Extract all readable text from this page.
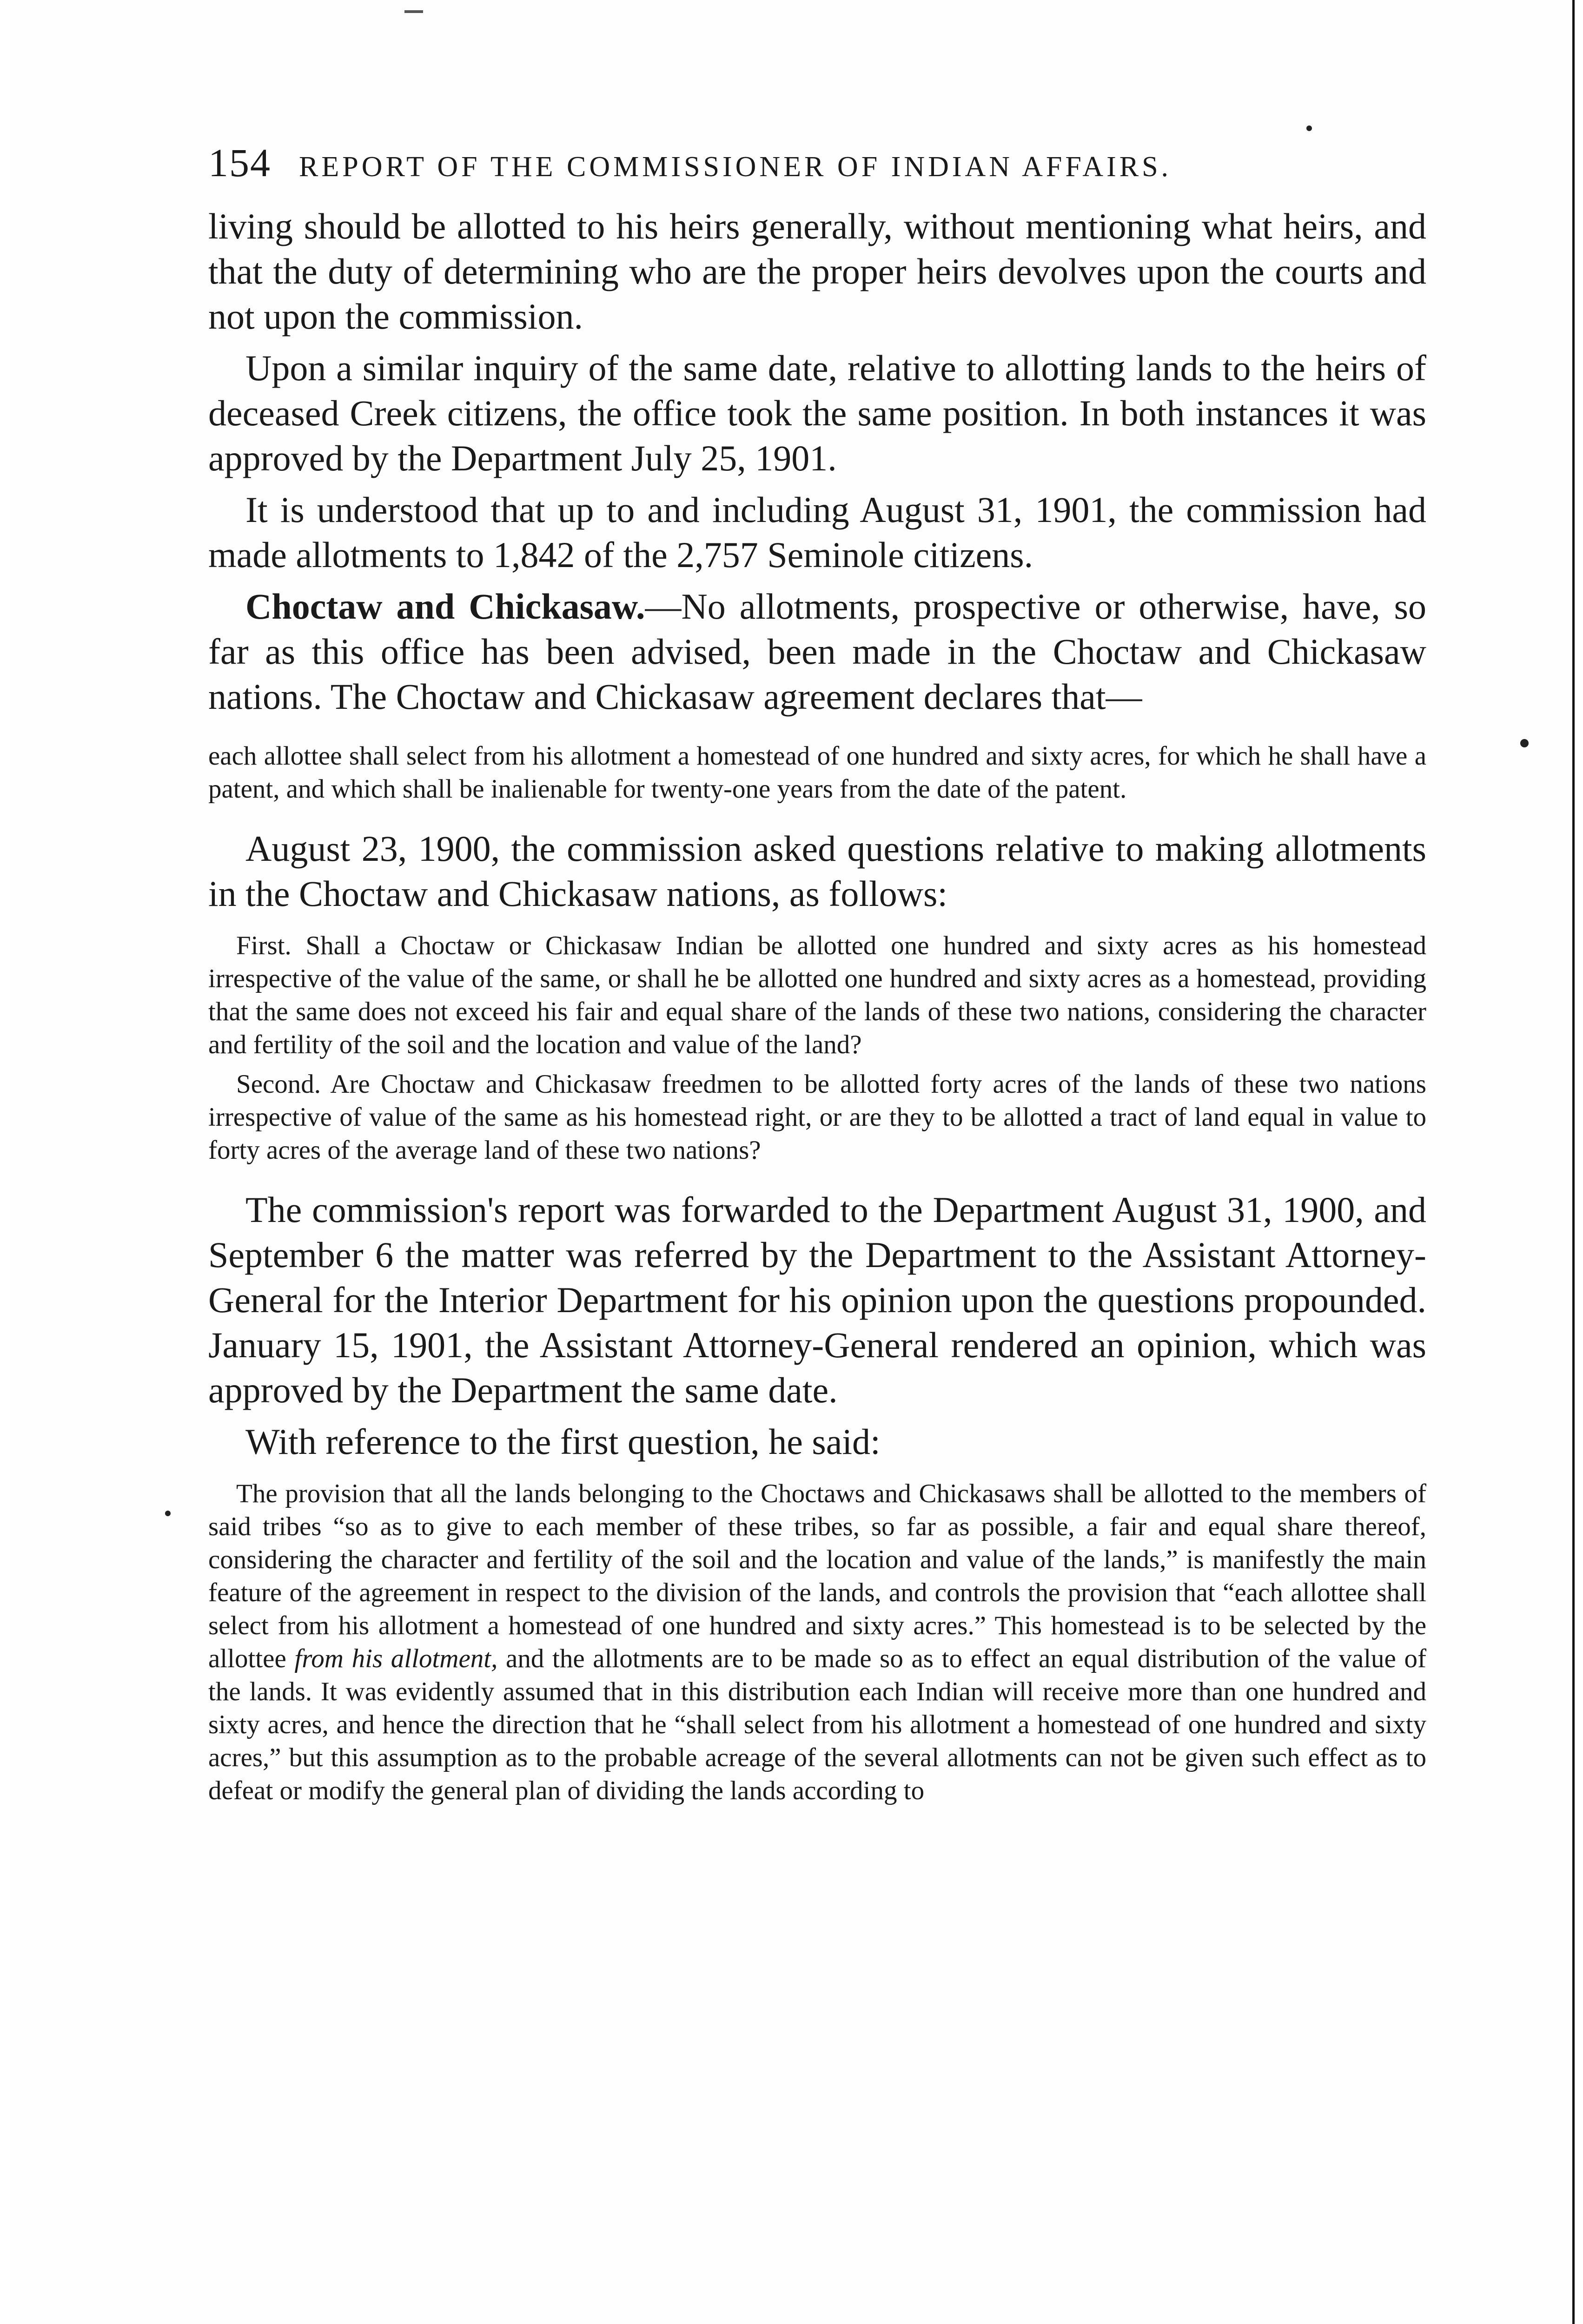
154 REPORT OF THE COMMISSIONER OF INDIAN AFFAIRS.

living should be allotted to his heirs generally, without mentioning what heirs, and that the duty of determining who are the proper heirs devolves upon the courts and not upon the commission.

Upon a similar inquiry of the same date, relative to allotting lands to the heirs of deceased Creek citizens, the office took the same position. In both instances it was approved by the Department July 25, 1901.

It is understood that up to and including August 31, 1901, the commission had made allotments to 1,842 of the 2,757 Seminole citizens.

Choctaw and Chickasaw.—No allotments, prospective or otherwise, have, so far as this office has been advised, been made in the Choctaw and Chickasaw nations. The Choctaw and Chickasaw agreement declares that—

each allottee shall select from his allotment a homestead of one hundred and sixty acres, for which he shall have a patent, and which shall be inalienable for twenty-one years from the date of the patent.

August 23, 1900, the commission asked questions relative to making allotments in the Choctaw and Chickasaw nations, as follows:

First. Shall a Choctaw or Chickasaw Indian be allotted one hundred and sixty acres as his homestead irrespective of the value of the same, or shall he be allotted one hundred and sixty acres as a homestead, providing that the same does not exceed his fair and equal share of the lands of these two nations, considering the character and fertility of the soil and the location and value of the land?

Second. Are Choctaw and Chickasaw freedmen to be allotted forty acres of the lands of these two nations irrespective of value of the same as his homestead right, or are they to be allotted a tract of land equal in value to forty acres of the average land of these two nations?

The commission's report was forwarded to the Department August 31, 1900, and September 6 the matter was referred by the Department to the Assistant Attorney-General for the Interior Department for his opinion upon the questions propounded. January 15, 1901, the Assistant Attorney-General rendered an opinion, which was approved by the Department the same date.

With reference to the first question, he said:

The provision that all the lands belonging to the Choctaws and Chickasaws shall be allotted to the members of said tribes “so as to give to each member of these tribes, so far as possible, a fair and equal share thereof, considering the character and fertility of the soil and the location and value of the lands,” is manifestly the main feature of the agreement in respect to the division of the lands, and controls the provision that “each allottee shall select from his allotment a homestead of one hundred and sixty acres.” This homestead is to be selected by the allottee from his allotment, and the allotments are to be made so as to effect an equal distribution of the value of the lands. It was evidently assumed that in this distribution each Indian will receive more than one hundred and sixty acres, and hence the direction that he “shall select from his allotment a homestead of one hundred and sixty acres,” but this assumption as to the probable acreage of the several allotments can not be given such effect as to defeat or modify the general plan of dividing the lands according to
